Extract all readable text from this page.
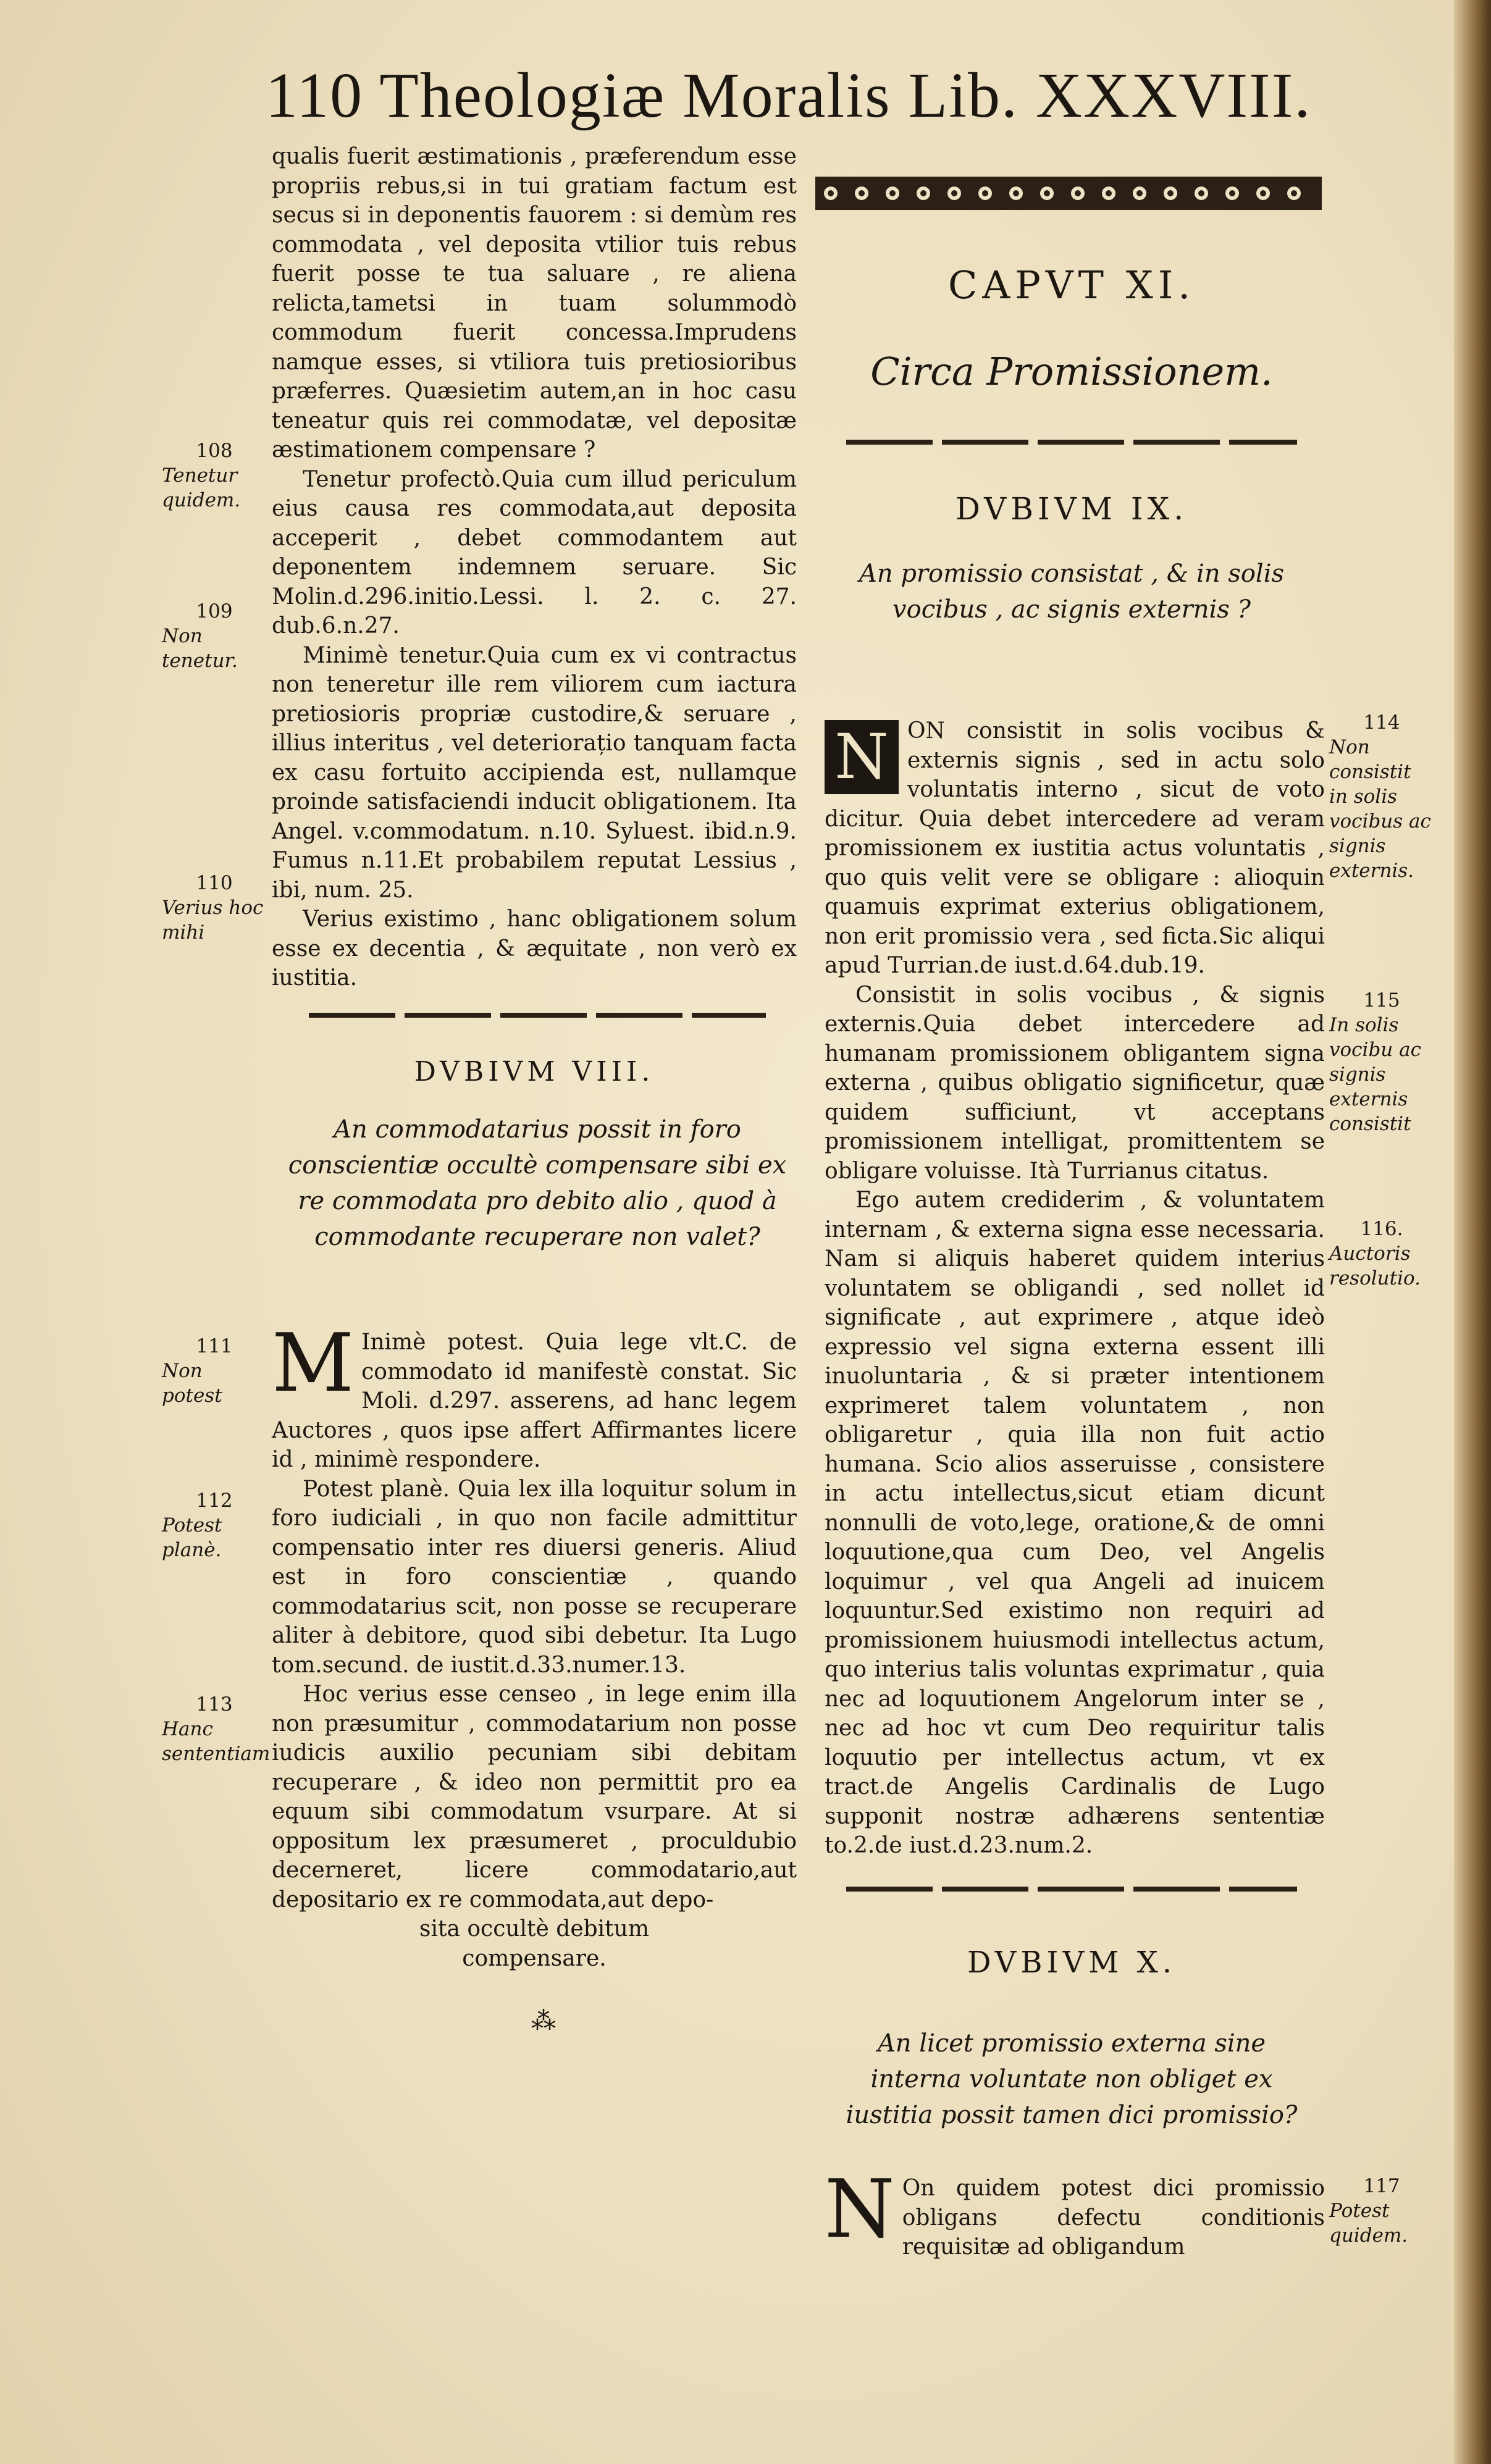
110 Theologiæ Moralis Lib. XXXVIII.

qualis fuerit æstimationis , præferendum esse propriis rebus,si in tui gratiam factum est secus si in deponentis fauorem : si demùm res commodata , vel deposita vtilior tuis rebus fuerit posse te tua saluare , re aliena relicta,tametsi in tuam solummodò commodum fuerit concessa.Imprudens namque esses, si vtiliora tuis pretiosioribus præferres. Quæsietim autem,an in hoc casu teneatur quis rei commodatæ, vel depositæ æstimationem compensare ?

Tenetur profectò.Quia cum illud periculum eius causa res commodata,aut deposita acceperit , debet commodantem aut deponentem indemnem seruare. Sic Molin.d.296.initio.Lessi. l. 2. c. 27. dub.6.n.27.

Minimè tenetur.Quia cum ex vi contractus non teneretur ille rem viliorem cum iactura pretiosioris propriæ custodire,& seruare , illius interitus , vel deteriorațio tanquam facta ex casu fortuito accipienda est, nullamque proinde satisfaciendi inducit obligationem. Ita Angel. v.commodatum. n.10. Syluest. ibid.n.9. Fumus n.11.Et probabilem reputat Lessius , ibi, num. 25.

Verius existimo , hanc obligationem solum esse ex decentia , & æquitate , non verò ex iustitia.

DVBIVM VIII.
An commodatarius possit in foro conscientiæ occultè compensare sibi ex re commodata pro debito alio , quod à commodante recuperare non valet?

M Inimè potest. Quia lege vlt.C. de commodato id manifestè constat. Sic Moli. d.297. asserens, ad hanc legem Auctores , quos ipse affert Affirmantes licere id , minimè respondere.

Potest planè. Quia lex illa loquitur solum in foro iudiciali , in quo non facile admittitur compensatio inter res diuersi generis. Aliud est in foro conscientiæ , quando commodatarius scit, non posse se recuperare aliter à debitore, quod sibi debetur. Ita Lugo tom.secund. de iustit.d.33.numer.13.

Hoc verius esse censeo , in lege enim illa non præsumitur , commodatarium non posse iudicis auxilio pecuniam sibi debitam recuperare , & ideo non permittit pro ea equum sibi commodatum vsurpare. At si oppositum lex præsumeret , proculdubio decerneret, licere commodatario,aut depositario ex re commodata,aut depo-

sita occultè debitum

compensare.

⁂
108
Tenetur quidem.
109
Non tenetur.
110
Verius hoc mihi
111
Non potest
112
Potest planè.
113
Hanc sententiam
CAPVT XI.
Circa Promissionem.
DVBIVM IX.
An promissio consistat , & in solis vocibus , ac signis externis ?

N ON consistit in solis vocibus & externis signis , sed in actu solo voluntatis interno , sicut de voto dicitur. Quia debet intercedere ad veram promissionem ex iustitia actus voluntatis , quo quis velit vere se obligare : alioquin quamuis exprimat exterius obligationem, non erit promissio vera , sed ficta.Sic aliqui apud Turrian.de iust.d.64.dub.19.

Consistit in solis vocibus , & signis externis.Quia debet intercedere ad humanam promissionem obligantem signa externa , quibus obligatio significetur, quæ quidem sufficiunt, vt acceptans promissionem intelligat, promittentem se obligare voluisse. Ità Turrianus citatus.

Ego autem crediderim , & voluntatem internam , & externa signa esse necessaria. Nam si aliquis haberet quidem interius voluntatem se obligandi , sed nollet id significate , aut exprimere , atque ideò expressio vel signa externa essent illi inuoluntaria , & si præter intentionem exprimeret talem voluntatem , non obligaretur , quia illa non fuit actio humana. Scio alios asseruisse , consistere in actu intellectus,sicut etiam dicunt nonnulli de voto,lege, oratione,& de omni loquutione,qua cum Deo, vel Angelis loquimur , vel qua Angeli ad inuicem loquuntur.Sed existimo non requiri ad promissionem huiusmodi intellectus actum, quo interius talis voluntas exprimatur , quia nec ad loquutionem Angelorum inter se , nec ad hoc vt cum Deo requiritur talis loquutio per intellectus actum, vt ex tract.de Angelis Cardinalis de Lugo supponit nostræ adhærens sententiæ to.2.de iust.d.23.num.2.

DVBIVM X.
An licet promissio externa sine interna voluntate non obliget ex iustitia possit tamen dici promissio?

N On quidem potest dici promissio obligans defectu conditionis requisitæ ad obligandum

114
Non consistit in solis vocibus ac signis externis.
115
In solis vocibu ac signis externis consistit
116.
Auctoris resolutio.
117
Potest quidem.
